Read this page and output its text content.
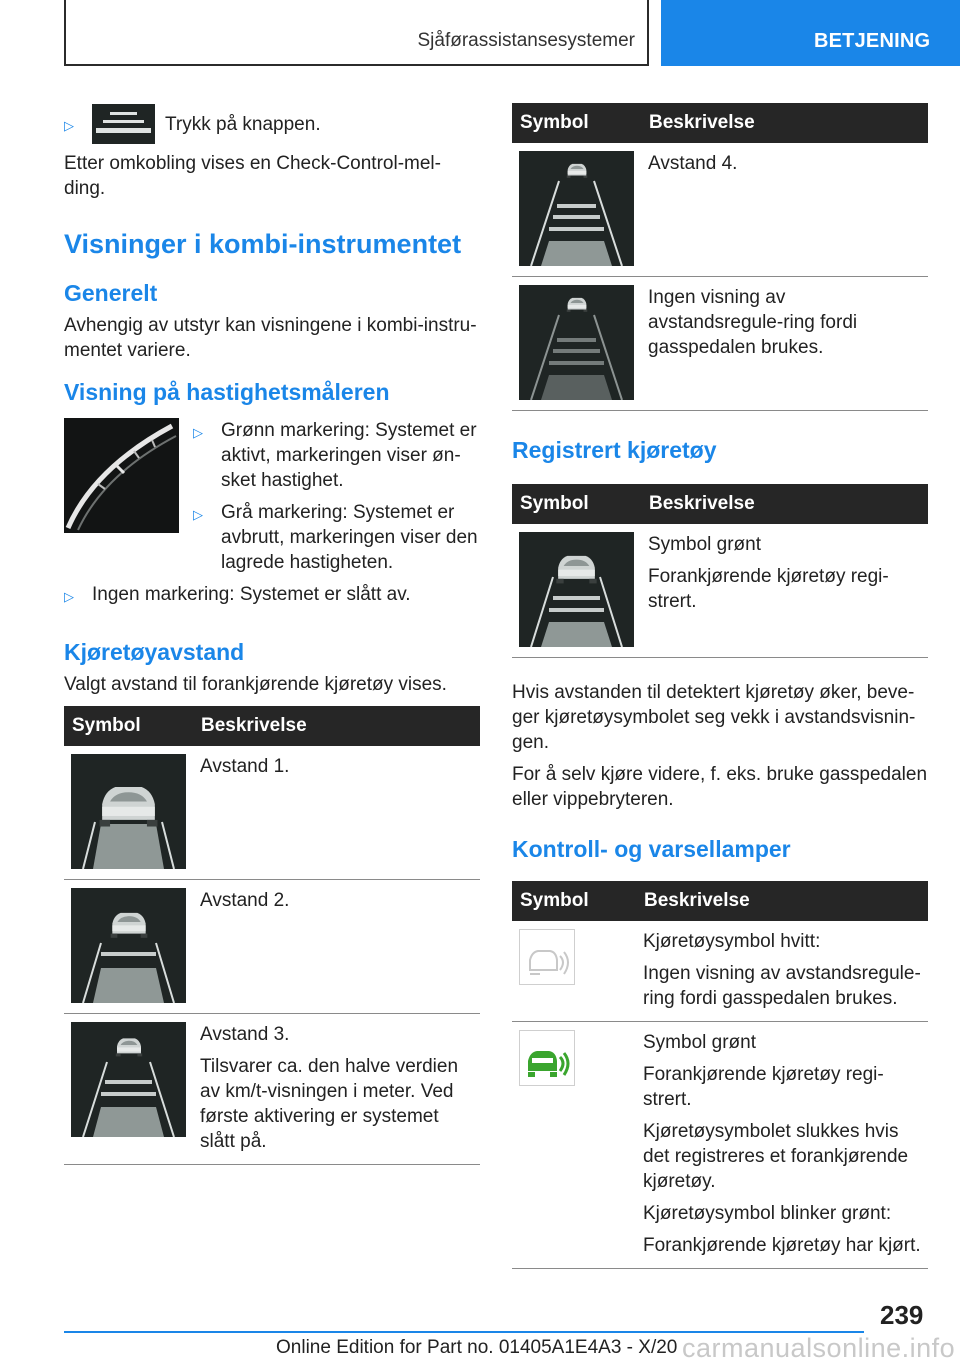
Sjåførassistansesystemer	BETJENING
▷	Trykk på knappen.

Etter omkobling vises en Check-Control-mel-ding.

Visninger i kombi-instrumentet
Generelt

Avhengig av utstyr kan visningene i kombi-instru-mentet variere.

Visning på hastighetsmåleren
▷ Grønn markering: Systemet er aktivt, markeringen viser øn-sket hastighet.
▷ Grå markering: Systemet er avbrutt, markeringen viser den lagrede hastigheten.
▷ Ingen markering: Systemet er slått av.
Kjøretøyavstand

Valgt avstand til forankjørende kjøretøy vises.

Symbol	Beskrivelse

Avstand 1.

Avstand 2.

Avstand 3.

Tilsvarer ca. den halve verdien av km/t-visningen i meter. Ved første aktivering er systemet slått på.

Symbol	Beskrivelse

Avstand 4.

Ingen visning av avstandsregule-ring fordi gasspedalen brukes.

Registrert kjøretøy
Symbol	Beskrivelse

Symbol grønt

Forankjørende kjøretøy regi-strert.

Hvis avstanden til detektert kjøretøy øker, beve-ger kjøretøysymbolet seg vekk i avstandsvisnin-gen.

For å selv kjøre videre, f. eks. bruke gasspedalen eller vippebryteren.

Kontroll- og varsellamper
Symbol	Beskrivelse

Kjøretøysymbol hvitt:

Ingen visning av avstandsregule-ring fordi gasspedalen brukes.

Symbol grønt

Forankjørende kjøretøy regi-strert.

Kjøretøysymbolet slukkes hvis det registreres et forankjørende kjøretøy.

Kjøretøysymbol blinker grønt:

Forankjørende kjøretøy har kjørt.

239
Online Edition for Part no. 01405A1E4A3 - X/20 carmanualsonline.info
